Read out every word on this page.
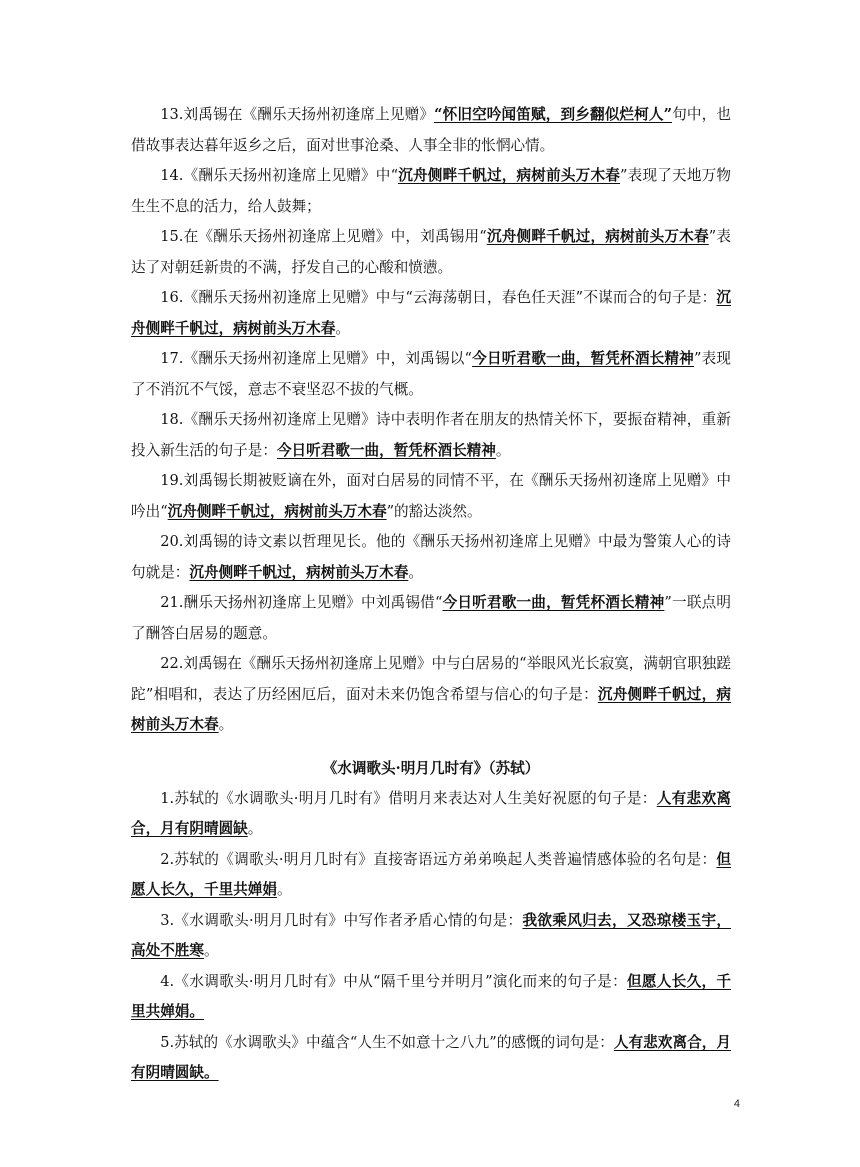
13.刘禹锡在《酬乐天扬州初逢席上见赠》“怀旧空吟闻笛赋，到乡翻似烂柯人”句中，也借故事表达暮年返乡之后，面对世事沧桑、人事全非的怅惘心情。

14.《酬乐天扬州初逢席上见赠》中“沉舟侧畔千帆过，病树前头万木春”表现了天地万物生生不息的活力，给人鼓舞；

15.在《酬乐天扬州初逢席上见赠》中，刘禹锡用“沉舟侧畔千帆过，病树前头万木春”表达了对朝廷新贵的不满，抒发自己的心酸和愤懑。

16.《酬乐天扬州初逢席上见赠》中与“云海荡朝日，春色任天涯”不谋而合的句子是：沉舟侧畔千帆过，病树前头万木春。

17.《酬乐天扬州初逢席上见赠》中，刘禹锡以“今日听君歌一曲，暂凭杯酒长精神”表现了不消沉不气馁，意志不衰坚忍不拔的气概。

18.《酬乐天扬州初逢席上见赠》诗中表明作者在朋友的热情关怀下，要振奋精神，重新投入新生活的句子是：今日听君歌一曲，暂凭杯酒长精神。

19.刘禹锡长期被贬谪在外，面对白居易的同情不平，在《酬乐天扬州初逢席上见赠》中吟出“沉舟侧畔千帆过，病树前头万木春”的豁达淡然。

20.刘禹锡的诗文素以哲理见长。他的《酬乐天扬州初逢席上见赠》中最为警策人心的诗句就是：沉舟侧畔千帆过，病树前头万木春。

21.酬乐天扬州初逢席上见赠》中刘禹锡借“今日听君歌一曲，暂凭杯酒长精神”一联点明了酬答白居易的题意。

22.刘禹锡在《酬乐天扬州初逢席上见赠》中与白居易的“举眼风光长寂寞，满朝官职独蹉跎”相唱和，表达了历经困厄后，面对未来仍饱含希望与信心的句子是：沉舟侧畔千帆过，病树前头万木春。

《水调歌头·明月几时有》（苏轼）

1.苏轼的《水调歌头·明月几时有》借明月来表达对人生美好祝愿的句子是：人有悲欢离合，月有阴晴圆缺。

2.苏轼的《调歌头·明月几时有》直接寄语远方弟弟唤起人类普遍情感体验的名句是：但愿人长久，千里共婵娟。

3.《水调歌头·明月几时有》中写作者矛盾心情的句是：我欲乘风归去，又恐琼楼玉宇，高处不胜寒。

4.《水调歌头·明月几时有》中从“隔千里兮并明月”演化而来的句子是：但愿人长久，千里共婵娟。

5.苏轼的《水调歌头》中蕴含“人生不如意十之八九”的感慨的词句是：人有悲欢离合，月有阴晴圆缺。

4
